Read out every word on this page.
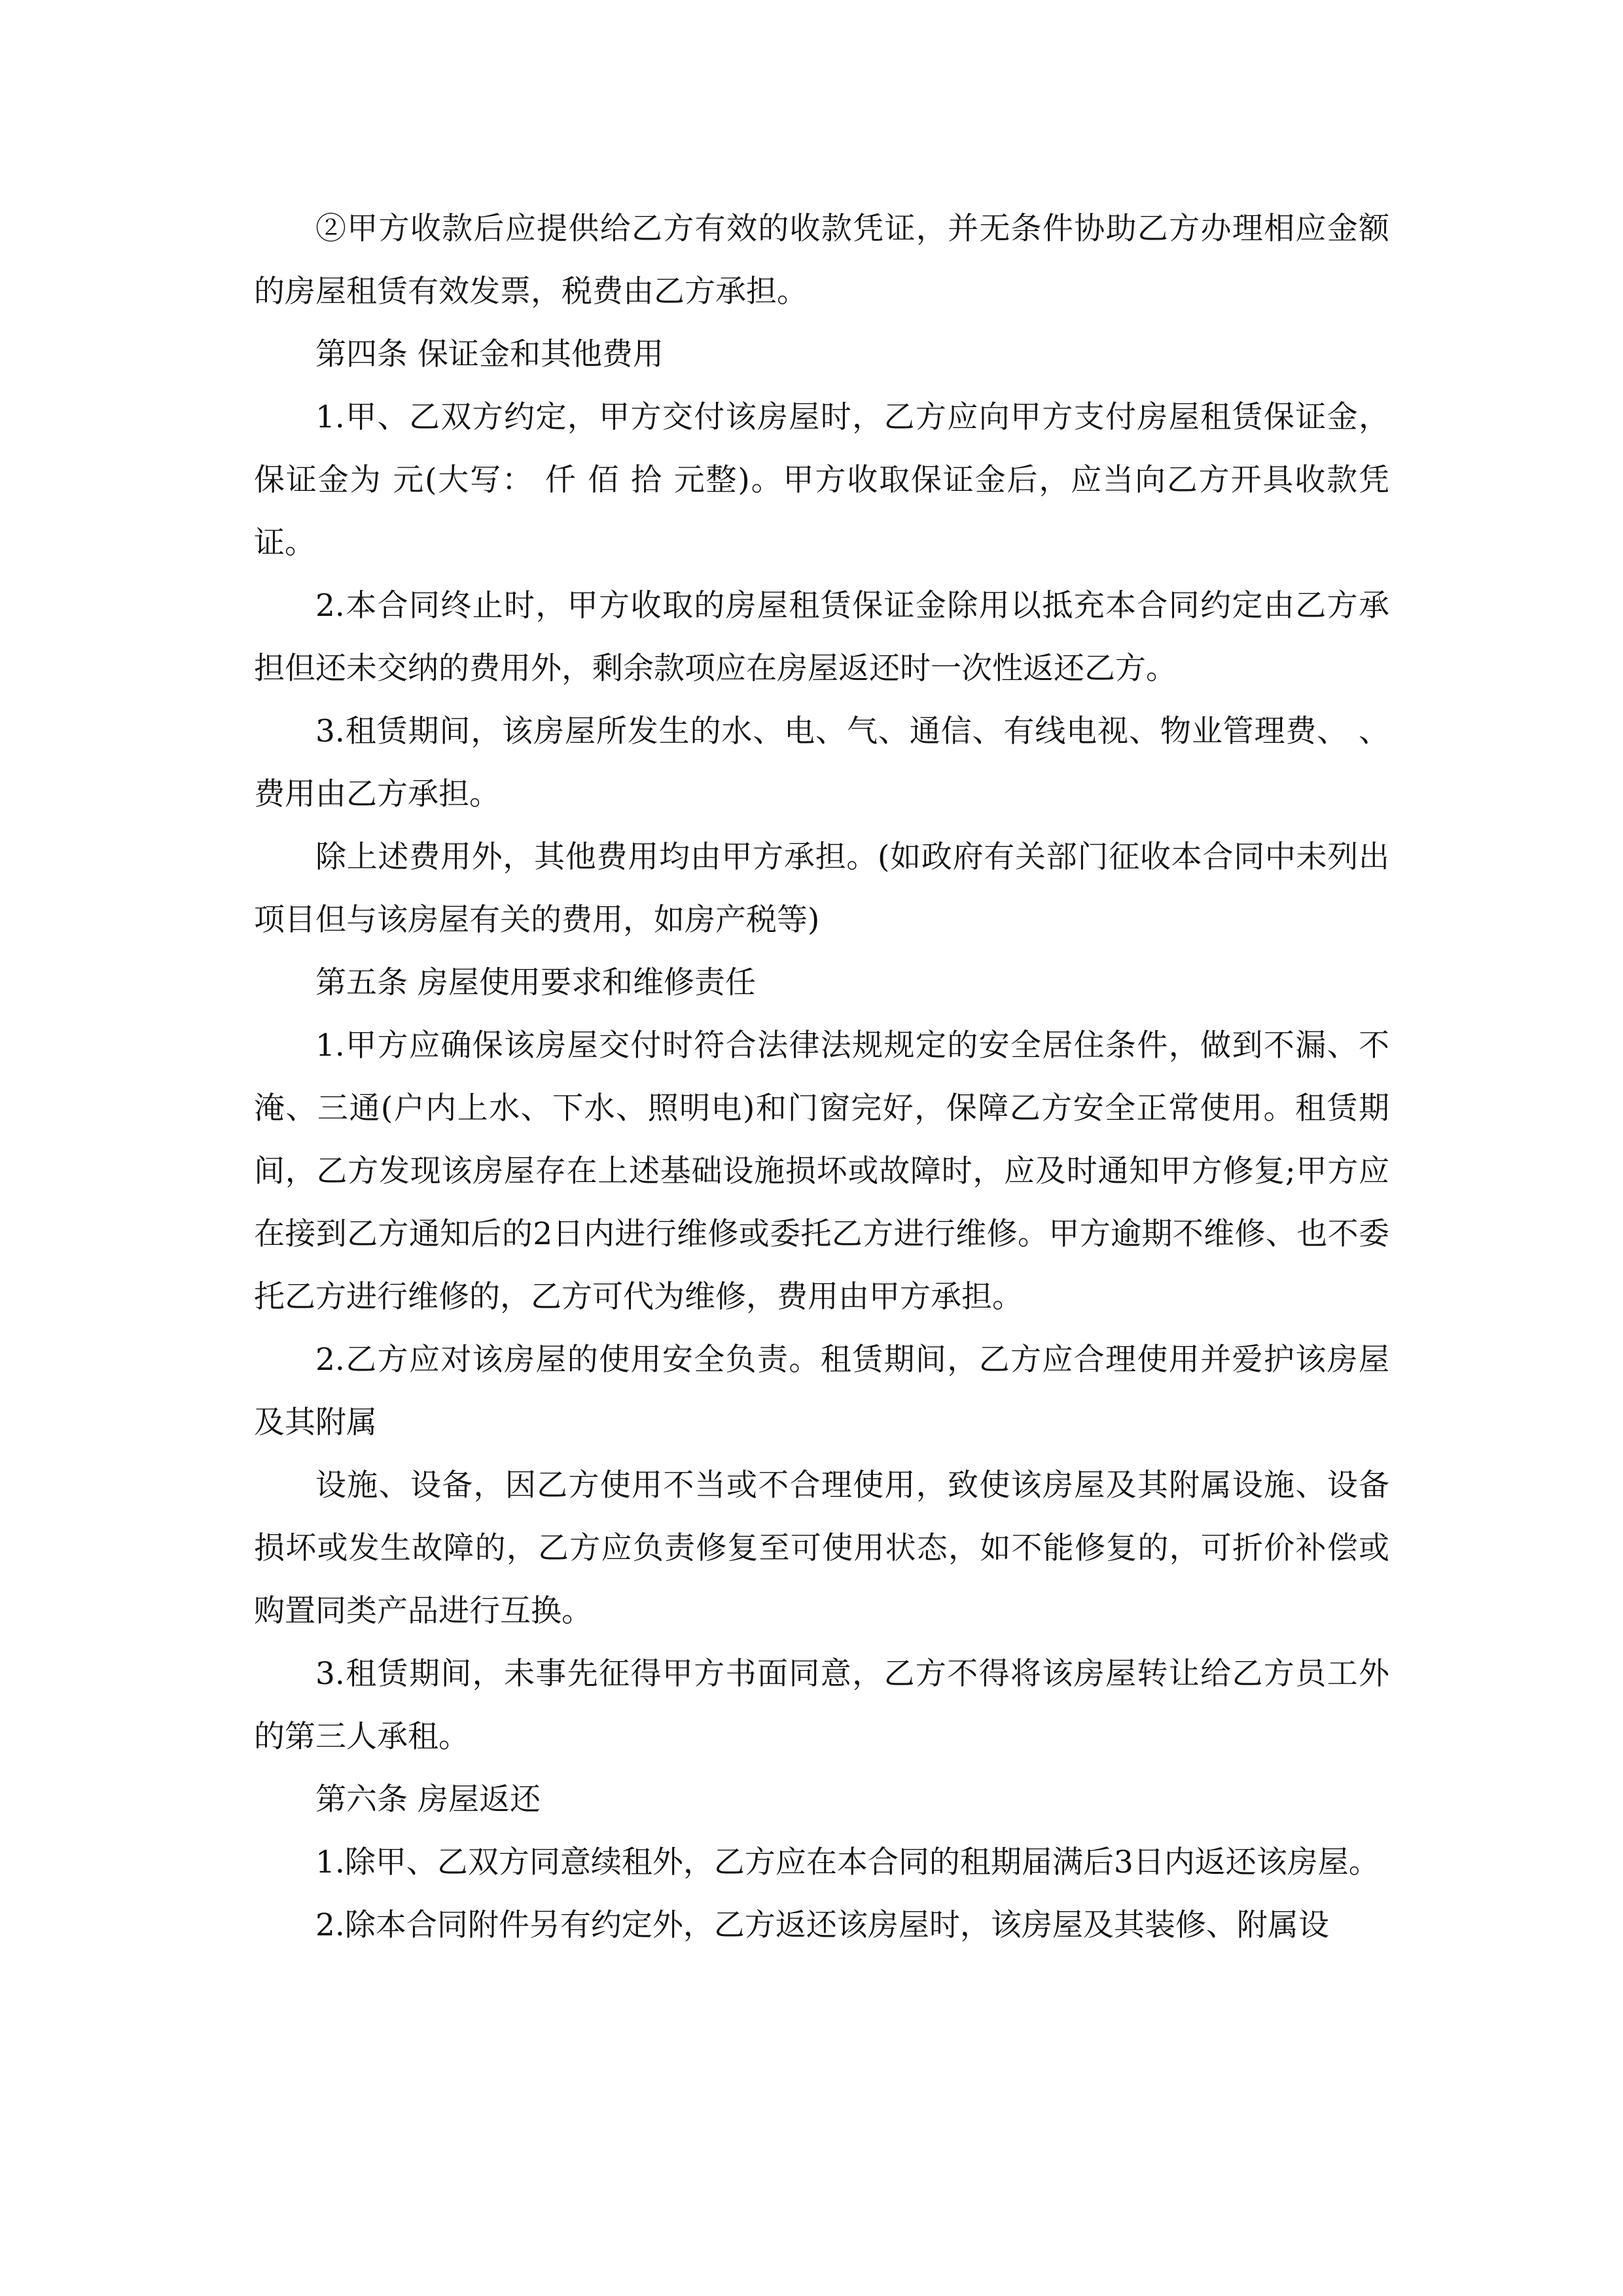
②甲方收款后应提供给乙方有效的收款凭证，并无条件协助乙方办理相应金额的房屋租赁有效发票，税费由乙方承担。

第四条 保证金和其他费用

1.甲、乙双方约定，甲方交付该房屋时，乙方应向甲方支付房屋租赁保证金，保证金为 元(大写： 仟 佰 拾 元整)。甲方收取保证金后，应当向乙方开具收款凭证。

2.本合同终止时，甲方收取的房屋租赁保证金除用以抵充本合同约定由乙方承担但还未交纳的费用外，剩余款项应在房屋返还时一次性返还乙方。

3.租赁期间，该房屋所发生的水、电、气、通信、有线电视、物业管理费、 、 费用由乙方承担。

除上述费用外，其他费用均由甲方承担。(如政府有关部门征收本合同中未列出项目但与该房屋有关的费用，如房产税等)

第五条 房屋使用要求和维修责任

1.甲方应确保该房屋交付时符合法律法规规定的安全居住条件，做到不漏、不淹、三通(户内上水、下水、照明电)和门窗完好，保障乙方安全正常使用。租赁期间，乙方发现该房屋存在上述基础设施损坏或故障时，应及时通知甲方修复;甲方应在接到乙方通知后的2日内进行维修或委托乙方进行维修。甲方逾期不维修、也不委托乙方进行维修的，乙方可代为维修，费用由甲方承担。

2.乙方应对该房屋的使用安全负责。租赁期间，乙方应合理使用并爱护该房屋及其附属

设施、设备，因乙方使用不当或不合理使用，致使该房屋及其附属设施、设备损坏或发生故障的，乙方应负责修复至可使用状态，如不能修复的，可折价补偿或购置同类产品进行互换。

3.租赁期间，未事先征得甲方书面同意，乙方不得将该房屋转让给乙方员工外的第三人承租。

第六条 房屋返还

1.除甲、乙双方同意续租外，乙方应在本合同的租期届满后3日内返还该房屋。

2.除本合同附件另有约定外，乙方返还该房屋时，该房屋及其装修、附属设
